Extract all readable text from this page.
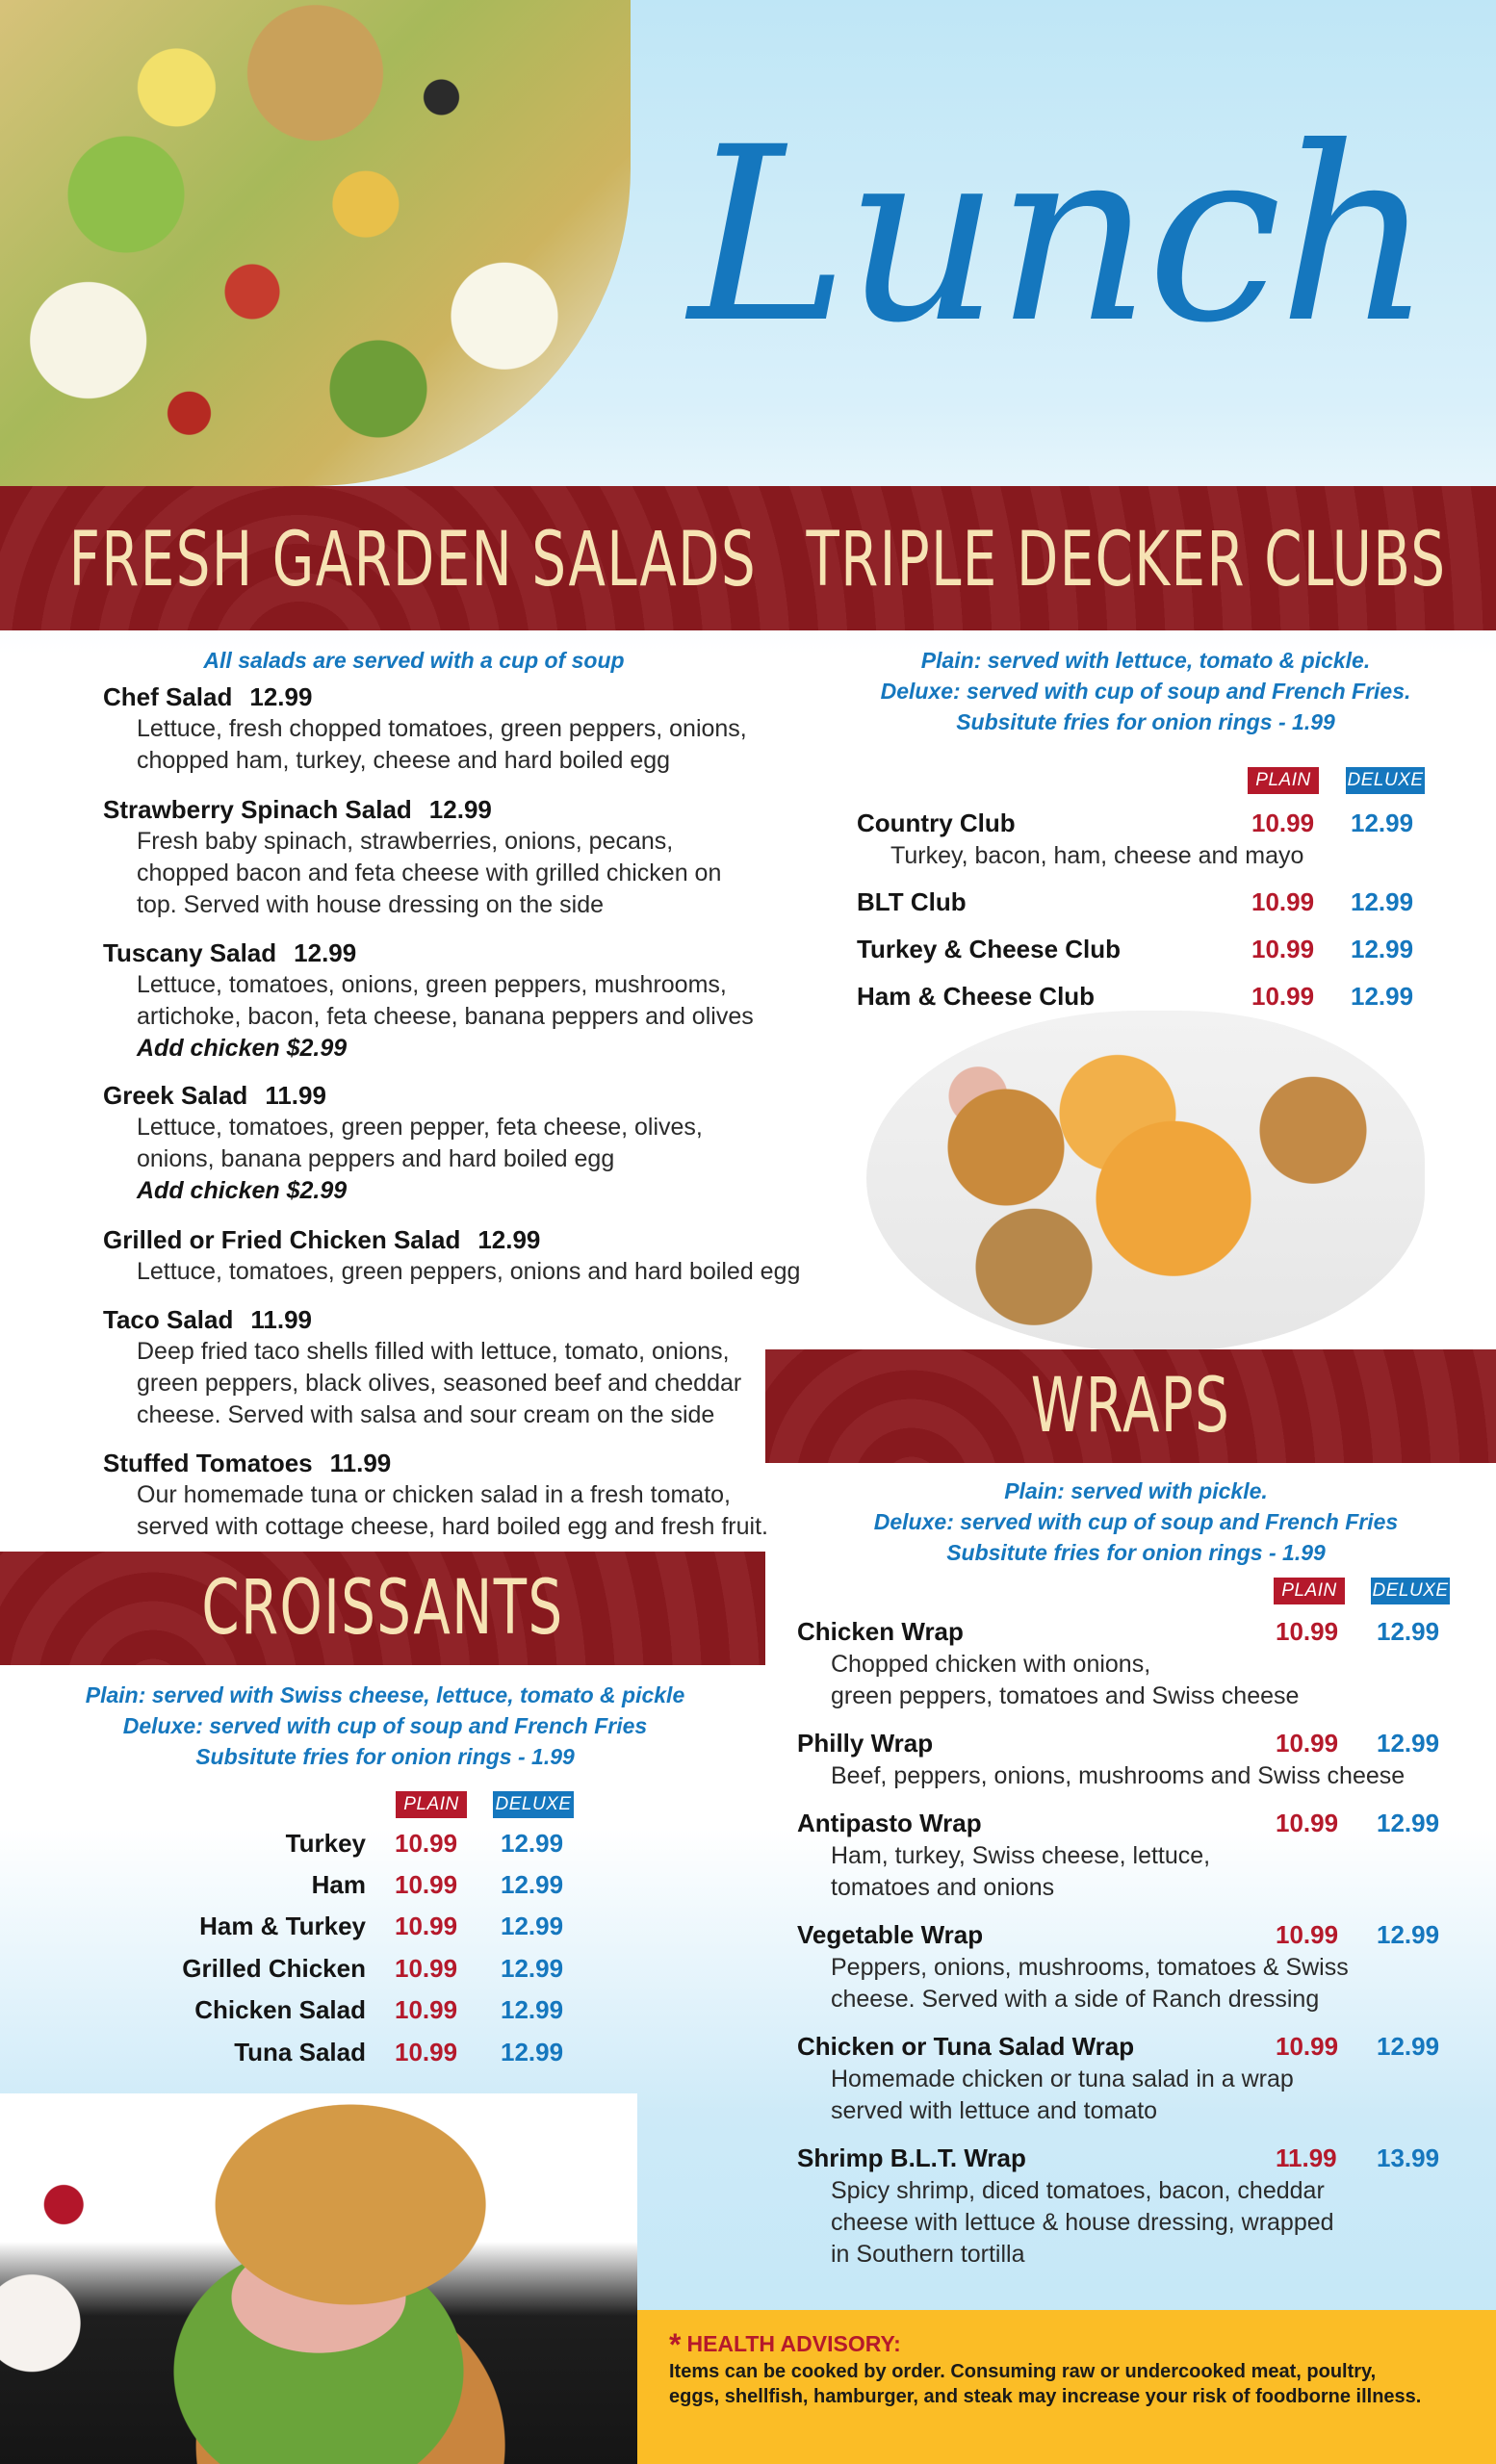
Lunch
FRESH GARDEN SALADS TRIPLE DECKER CLUBS
All salads are served with a cup of soup
Chef Salad 12.99
Lettuce, fresh chopped tomatoes, green peppers, onions,
chopped ham, turkey, cheese and hard boiled egg
Strawberry Spinach Salad 12.99
Fresh baby spinach, strawberries, onions, pecans,
chopped bacon and feta cheese with grilled chicken on
top. Served with house dressing on the side
Tuscany Salad 12.99
Lettuce, tomatoes, onions, green peppers, mushrooms,
artichoke, bacon, feta cheese, banana peppers and olives
Add chicken $2.99
Greek Salad 11.99
Lettuce, tomatoes, green pepper, feta cheese, olives,
onions, banana peppers and hard boiled egg
Add chicken $2.99
Grilled or Fried Chicken Salad 12.99
Lettuce, tomatoes, green peppers, onions and hard boiled egg
Taco Salad 11.99
Deep fried taco shells filled with lettuce, tomato, onions,
green peppers, black olives, seasoned beef and cheddar
cheese. Served with salsa and sour cream on the side
Stuffed Tomatoes 11.99
Our homemade tuna or chicken salad in a fresh tomato,
served with cottage cheese, hard boiled egg and fresh fruit.
Plain: served with lettuce, tomato & pickle.
Deluxe: served with cup of soup and French Fries.
Subsitute fries for onion rings - 1.99
PLAIN	DELUXE
Country Club	10.99 12.99
Turkey, bacon, ham, cheese and mayo
BLT Club	10.99 12.99
Turkey & Cheese Club	10.99 12.99
Ham & Cheese Club	10.99 12.99
WRAPS
Plain: served with pickle.
Deluxe: served with cup of soup and French Fries
Subsitute fries for onion rings - 1.99
PLAIN	DELUXE
Chicken Wrap	10.99 12.99
Chopped chicken with onions,
green peppers, tomatoes and Swiss cheese
Philly Wrap	10.99 12.99
Beef, peppers, onions, mushrooms and Swiss cheese
Antipasto Wrap	10.99 12.99
Ham, turkey, Swiss cheese, lettuce,
tomatoes and onions
Vegetable Wrap	10.99 12.99
Peppers, onions, mushrooms, tomatoes & Swiss
cheese. Served with a side of Ranch dressing
Chicken or Tuna Salad Wrap	10.99 12.99
Homemade chicken or tuna salad in a wrap
served with lettuce and tomato
Shrimp B.L.T. Wrap	11.99 13.99
Spicy shrimp, diced tomatoes, bacon, cheddar
cheese with lettuce & house dressing, wrapped
in Southern tortilla
CROISSANTS
Plain: served with Swiss cheese, lettuce, tomato & pickle
Deluxe: served with cup of soup and French Fries
Subsitute fries for onion rings - 1.99
PLAIN	DELUXE
Turkey 10.99 12.99
Ham 10.99 12.99
Ham & Turkey 10.99 12.99
Grilled Chicken 10.99 12.99
Chicken Salad 10.99 12.99
Tuna Salad 10.99 12.99
* HEALTH ADVISORY:
Items can be cooked by order. Consuming raw or undercooked meat, poultry,
eggs, shellfish, hamburger, and steak may increase your risk of foodborne illness.
